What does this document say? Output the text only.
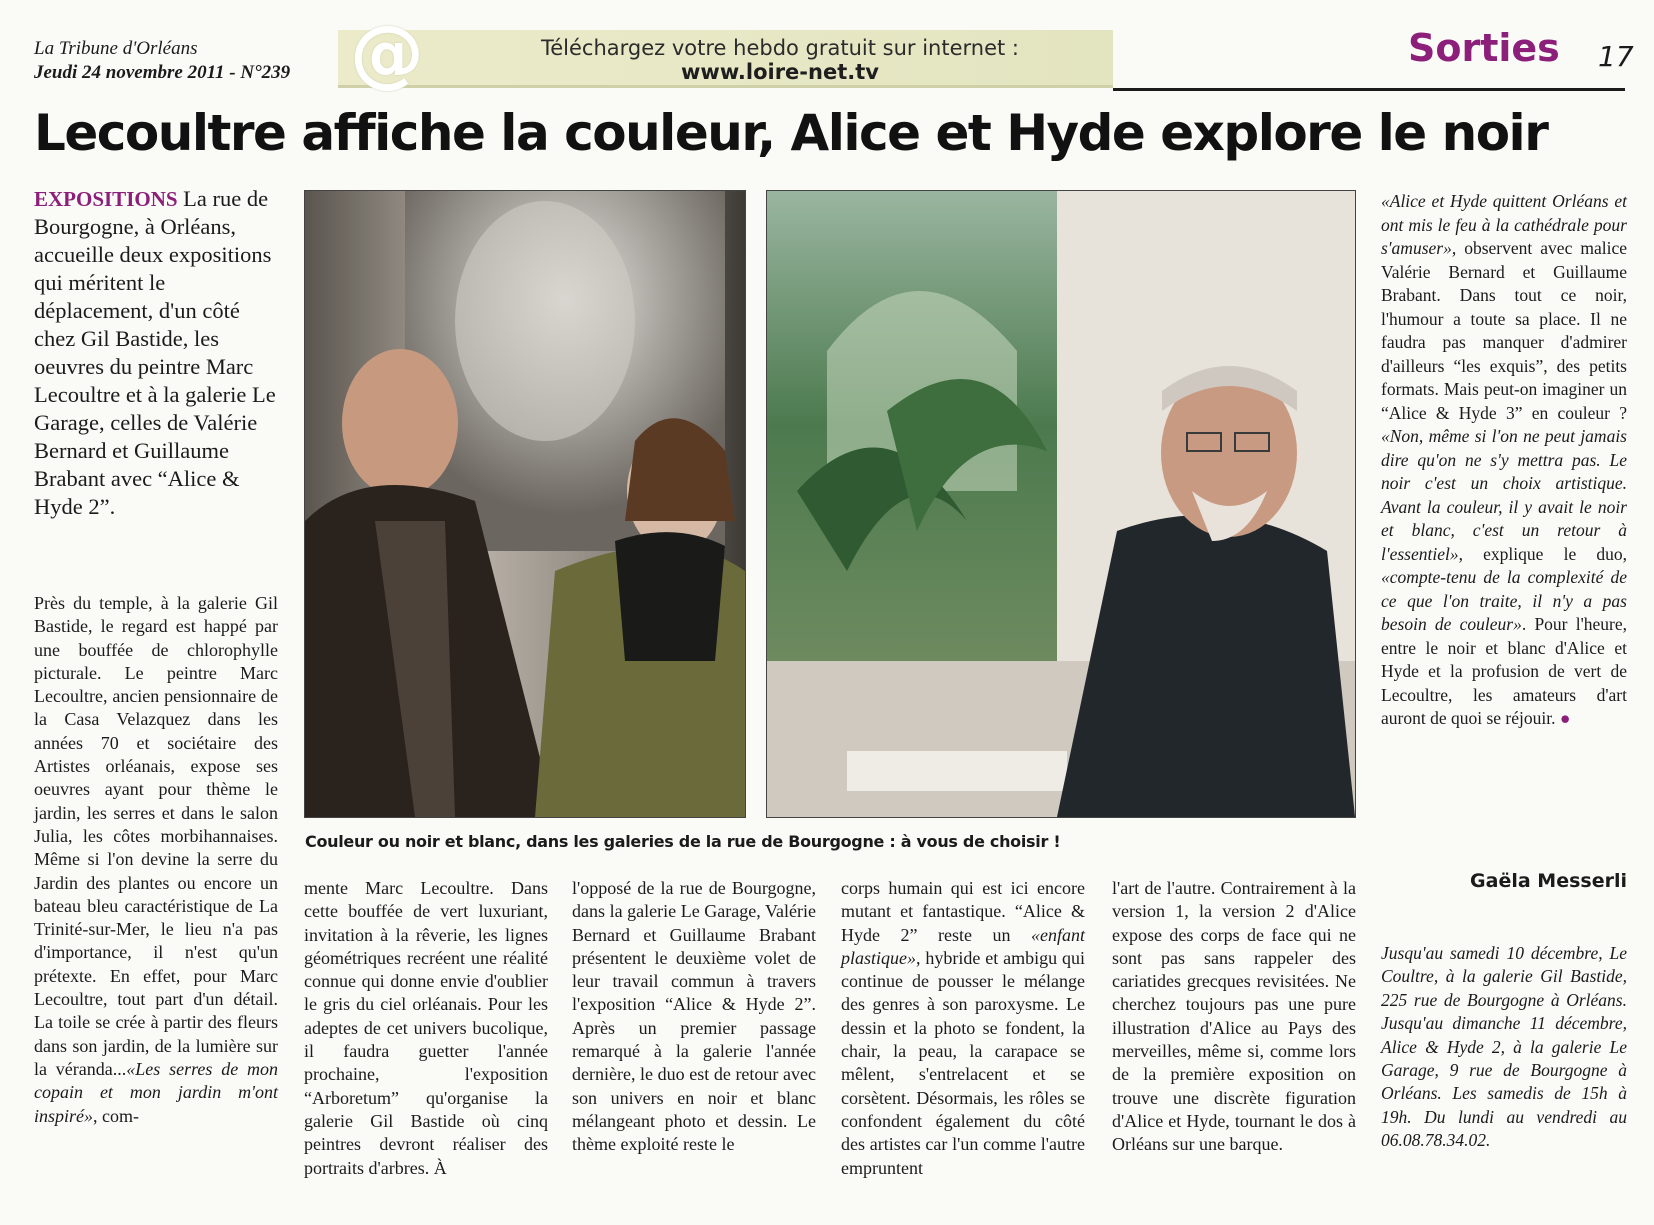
La Tribune d'Orléans
Jeudi 24 novembre 2011 - N°239 @	Téléchargez votre hebdo gratuit sur internet :
www.loire-net.tv
Sorties 17
Lecoultre affiche la couleur, Alice et Hyde explore le noir
EXPOSITIONS La rue de Bourgogne, à Orléans, accueille deux expositions qui méritent le déplacement, d'un côté chez Gil Bastide, les oeuvres du peintre Marc Lecoultre et à la galerie Le Garage, celles de Valérie Bernard et Guillaume Brabant avec “Alice & Hyde 2”.
Couleur ou noir et blanc, dans les galeries de la rue de Bourgogne : à vous de choisir !
Près du temple, à la galerie Gil Bastide, le regard est happé par une bouffée de chlorophylle picturale. Le peintre Marc Lecoultre, ancien pensionnaire de la Casa Velazquez dans les années 70 et sociétaire des Artistes orléanais, expose ses oeuvres ayant pour thème le jardin, les serres et dans le salon Julia, les côtes morbihannaises. Même si l'on devine la serre du Jardin des plantes ou encore un bateau bleu caractéristique de La Trinité-sur-Mer, le lieu n'a pas d'importance, il n'est qu'un prétexte. En effet, pour Marc Lecoultre, tout part d'un détail. La toile se crée à partir des fleurs dans son jardin, de la lumière sur la véranda...«Les serres de mon copain et mon jardin m'ont inspiré», com-
mente Marc Lecoultre. Dans cette bouffée de vert luxuriant, invitation à la rêverie, les lignes géométriques recréent une réalité connue qui donne envie d'oublier le gris du ciel orléanais. Pour les adeptes de cet univers bucolique, il faudra guetter l'année prochaine, l'exposition “Arboretum” qu'organise la galerie Gil Bastide où cinq peintres devront réaliser des portraits d'arbres. À
l'opposé de la rue de Bourgogne, dans la galerie Le Garage, Valérie Bernard et Guillaume Brabant présentent le deuxième volet de leur travail commun à travers l'exposition “Alice & Hyde 2”. Après un premier passage remarqué à la galerie l'année dernière, le duo est de retour avec son univers en noir et blanc mélangeant photo et dessin. Le thème exploité reste le
corps humain qui est ici encore mutant et fantastique. “Alice & Hyde 2” reste un «enfant plastique», hybride et ambigu qui continue de pousser le mélange des genres à son paroxysme. Le dessin et la photo se fondent, la chair, la peau, la carapace se mêlent, s'entrelacent et se corsètent. Désormais, les rôles se confondent également du côté des artistes car l'un comme l'autre empruntent
l'art de l'autre. Contrairement à la version 1, la version 2 d'Alice expose des corps de face qui ne sont pas sans rappeler des cariatides grecques revisitées. Ne cherchez toujours pas une pure illustration d'Alice au Pays des merveilles, même si, comme lors de la première exposition on trouve une discrète figuration d'Alice et Hyde, tournant le dos à Orléans sur une barque.
«Alice et Hyde quittent Orléans et ont mis le feu à la cathédrale pour s'amuser», observent avec malice Valérie Bernard et Guillaume Brabant. Dans tout ce noir, l'humour a toute sa place. Il ne faudra pas manquer d'admirer d'ailleurs “les exquis”, des petits formats. Mais peut-on imaginer un “Alice & Hyde 3” en couleur ? «Non, même si l'on ne peut jamais dire qu'on ne s'y mettra pas. Le noir c'est un choix artistique. Avant la couleur, il y avait le noir et blanc, c'est un retour à l'essentiel», explique le duo, «compte-tenu de la complexité de ce que l'on traite, il n'y a pas besoin de couleur». Pour l'heure, entre le noir et blanc d'Alice et Hyde et la profusion de vert de Lecoultre, les amateurs d'art auront de quoi se réjouir. ●
Gaëla Messerli
Jusqu'au samedi 10 décembre, Le Coultre, à la galerie Gil Bastide, 225 rue de Bourgogne à Orléans. Jusqu'au dimanche 11 décembre, Alice & Hyde 2, à la galerie Le Garage, 9 rue de Bourgogne à Orléans. Les samedis de 15h à 19h. Du lundi au vendredi au 06.08.78.34.02.
